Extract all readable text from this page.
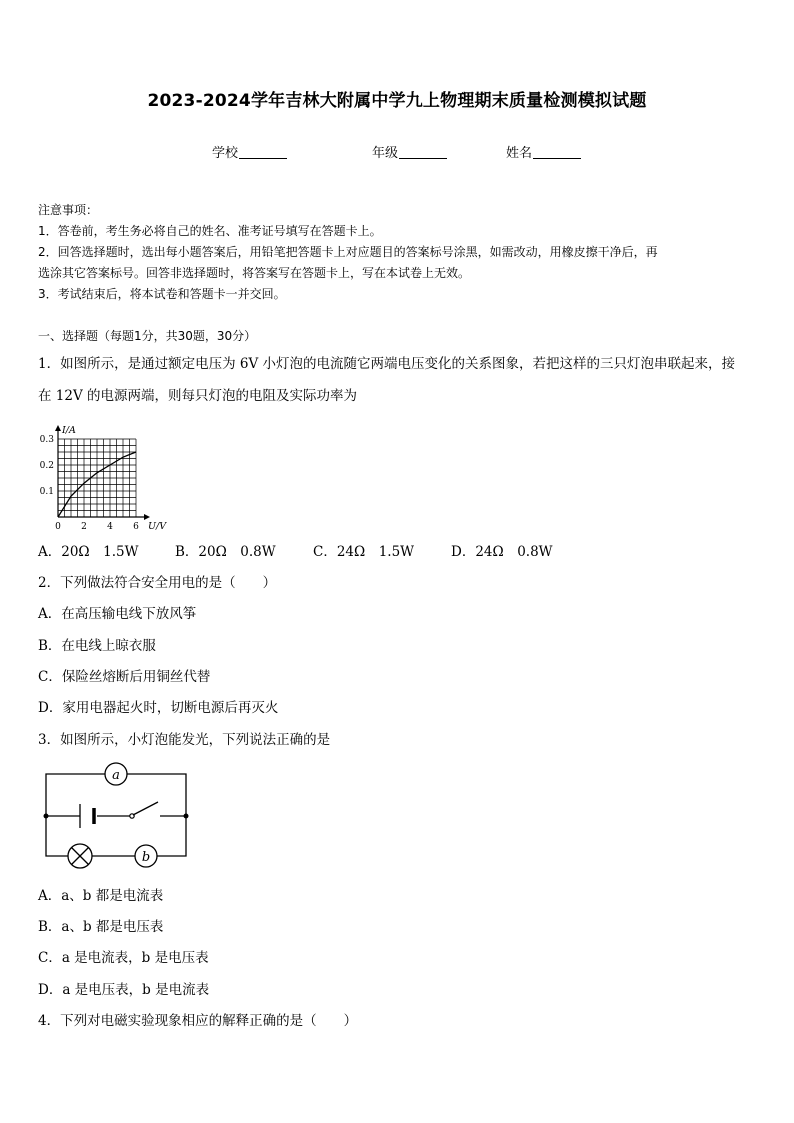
2023-2024学年吉林大附属中学九上物理期末质量检测模拟试题
学校	年级	姓名
注意事项：
1．答卷前，考生务必将自己的姓名、准考证号填写在答题卡上。
2．回答选择题时，选出每小题答案后，用铅笔把答题卡上对应题目的答案标号涂黑，如需改动，用橡皮擦干净后，再
选涂其它答案标号。回答非选择题时，将答案写在答题卡上，写在本试卷上无效。
3．考试结束后，将本试卷和答题卡一并交回。
一、选择题（每题1分，共30题，30分）
1．如图所示，是通过额定电压为 6V 小灯泡的电流随它两端电压变化的关系图象，若把这样的三只灯泡串联起来，接
在 12V 的电源两端，则每只灯泡的电阻及实际功率为
0 2 4 6
0.1
0.2
0.3
U/V
I/A
A．20Ω　1.5W	B．20Ω　0.8W	C．24Ω　1.5W	D．24Ω　0.8W
2．下列做法符合安全用电的是（　　）
A．在高压输电线下放风筝
B．在电线上晾衣服
C．保险丝熔断后用铜丝代替
D．家用电器起火时，切断电源后再灭火
3．如图所示，小灯泡能发光，下列说法正确的是
a
b
A．a、b 都是电流表
B．a、b 都是电压表
C．a 是电流表，b 是电压表
D．a 是电压表，b 是电流表
4．下列对电磁实验现象相应的解释正确的是（　　）
